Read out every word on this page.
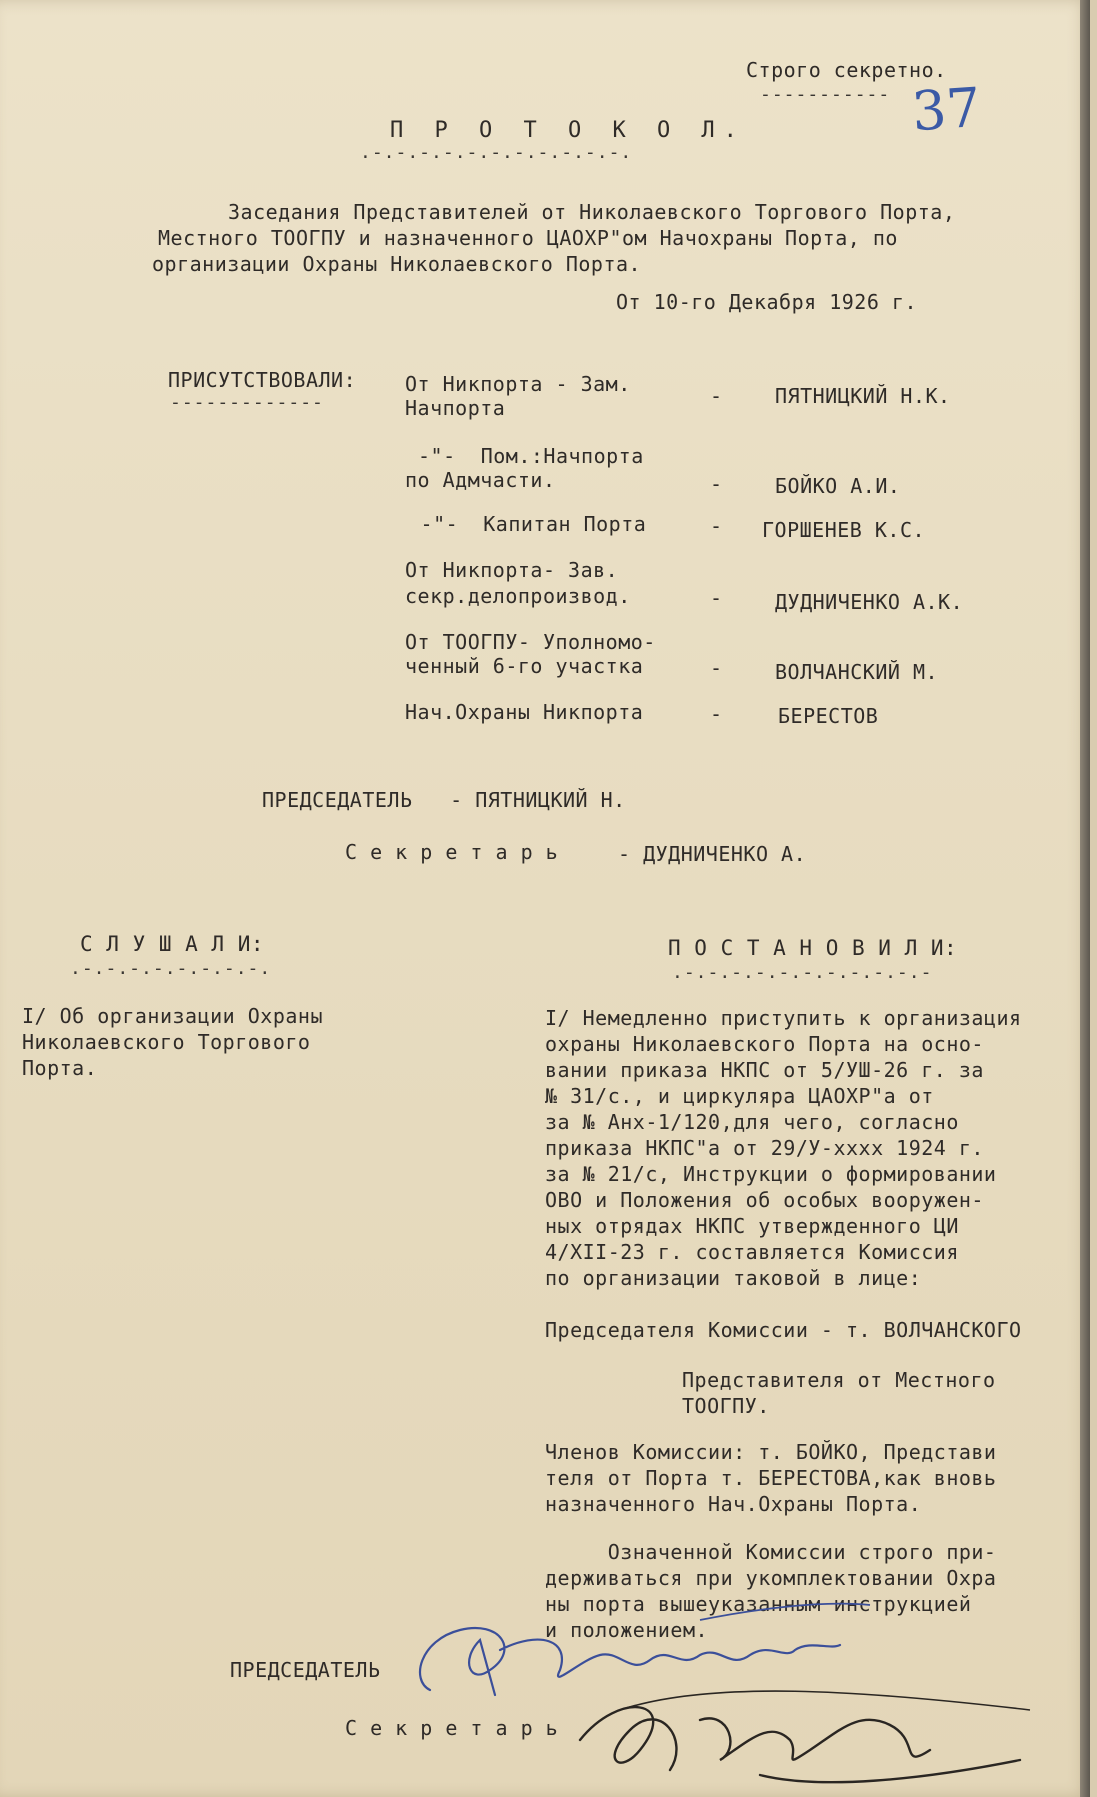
Строго секретно.
----------- 37
П Р О Т О К О Л.
.-.-.-.-.-.-.-.-.-.-.-.
Заседания Представителей от Николаевского Торгового Порта,
Местного ТООГПУ и назначенного ЦАОХР"ом Начохраны Порта, по
организации Охраны Николаевского Порта.
От 10-го Декабря 1926 г.
ПРИСУТСТВОВАЛИ:
-------------
От Никпорта - Зам.
Начпорта	-	ПЯТНИЦКИЙ Н.К.
-"-  Пом.:Начпорта
по Адмчасти.	-	БОЙКО А.И.
-"-  Капитан Порта	- ГОРШЕНЕВ К.С.
От Никпорта- Зав.
секр.делопроизвод.	-	ДУДНИЧЕНКО А.К.
От ТООГПУ- Уполномо-
ченный 6-го участка	-	ВОЛЧАНСКИЙ М.
Нач.Охраны Никпорта	-	БЕРЕСТОВ
ПРЕДСЕДАТЕЛЬ   - ПЯТНИЦКИЙ Н.
С е к р е т а р ь	- ДУДНИЧЕНКО А.
С Л У Ш А Л И:
.-.-.-.-.-.-.-.-.
I/ Об организации Охраны
Николаевского Торгового
Порта.
П О С Т А Н О В И Л И:
.-.-.-.-.-.-.-.-.-.-.-
I/ Немедленно приступить к организация
охраны Николаевского Порта на осно-
вании приказа НКПС от 5/УШ-26 г. за
№ 31/с., и циркуляра ЦАОХР"а от
за № Анх-1/120,для чего, согласно
приказа НКПС"а от 29/У-xxxx 1924 г.
за № 21/с, Инструкции о формировании
ОВО и Положения об особых вооружен-
ных отрядах НКПС утвержденного ЦИ
4/XII-23 г. составляется Комиссия
по организации таковой в лице:
Председателя Комиссии - т. ВОЛЧАНСКОГО
Представителя от Местного
ТООГПУ.
Членов Комиссии: т. БОЙКО, Представи
теля от Порта т. БЕРЕСТОВА,как вновь
назначенного Нач.Охраны Порта.
Означенной Комиссии строго при-
держиваться при укомплектовании Охра
ны порта вышеуказанным инструкцией
и положением.
ПРЕДСЕДАТЕЛЬ
С е к р е т а р ь
